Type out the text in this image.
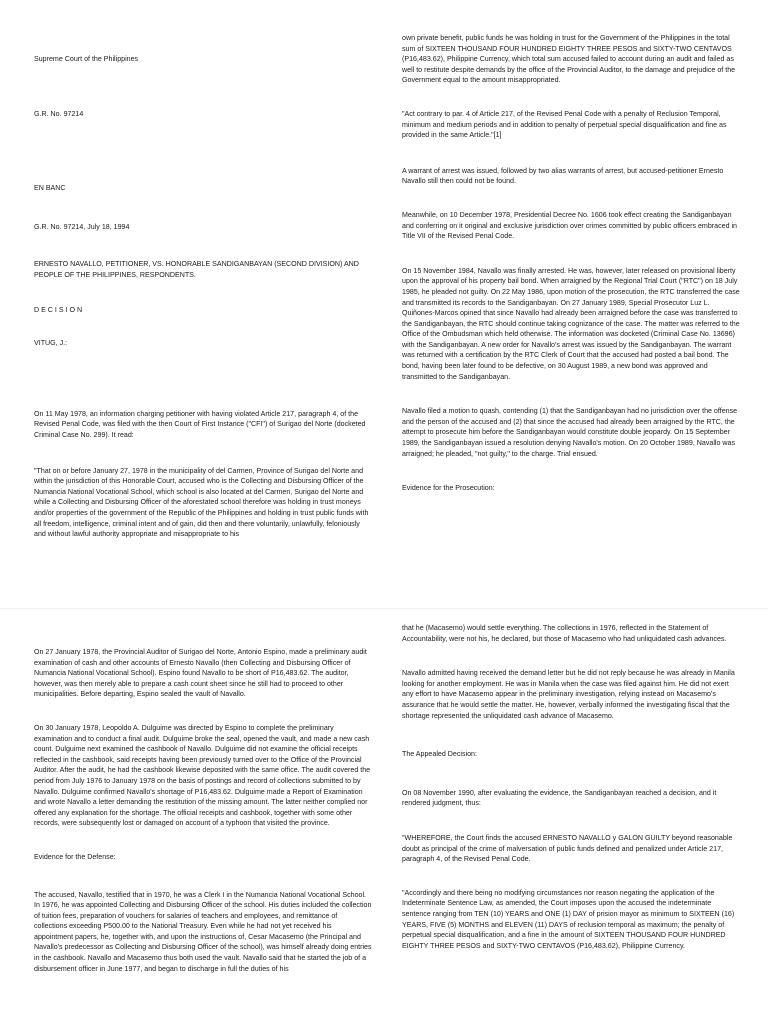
Supreme Court of the Philippines

G.R. No. 97214

EN BANC

G.R. No. 97214, July 18, 1994

ERNESTO NAVALLO, PETITIONER, VS. HONORABLE SANDIGANBAYAN (SECOND DIVISION) AND PEOPLE OF THE PHILIPPINES, RESPONDENTS.

D E C I S I O N

VITUG, J.:

On 11 May 1978, an information charging petitioner with having violated Article 217, paragraph 4, of the Revised Penal Code, was filed with the then Court of First Instance ("CFI") of Surigao del Norte (docketed Criminal Case No. 299). It read:

"That on or before January 27, 1978 in the municipality of del Carmen, Province of Surigao del Norte and within the jurisdiction of this Honorable Court, accused who is the Collecting and Disbursing Officer of the Numancia National Vocational School, which school is also located at del Carmen, Surigao del Norte and while a Collecting and Disbursing Officer of the aforestated school therefore was holding in trust moneys and/or properties of the government of the Republic of the Philippines and holding in trust public funds with all freedom, intelligence, criminal intent and of gain, did then and there voluntarily, unlawfully, feloniously and without lawful authority appropriate and misappropriate to his

own private benefit, public funds he was holding in trust for the Government of the Philippines in the total sum of SIXTEEN THOUSAND FOUR HUNDRED EIGHTY THREE PESOS and SIXTY-TWO CENTAVOS (P16,483.62), Philippine Currency, which total sum accused failed to account during an audit and failed as well to restitute despite demands by the office of the Provincial Auditor, to the damage and prejudice of the Government equal to the amount misappropriated.

"Act contrary to par. 4 of Article 217, of the Revised Penal Code with a penalty of Reclusion Temporal, minimum and medium periods and in addition to penalty of perpetual special disqualification and fine as provided in the same Article."[1]

A warrant of arrest was issued, followed by two alias warrants of arrest, but accused-petitioner Ernesto Navallo still then could not be found.

Meanwhile, on 10 December 1978, Presidential Decree No. 1606 took effect creating the Sandiganbayan and conferring on it original and exclusive jurisdiction over crimes committed by public officers embraced in Title VII of the Revised Penal Code.

On 15 November 1984, Navallo was finally arrested. He was, however, later released on provisional liberty upon the approval of his property bail bond. When arraigned by the Regional Trial Court ("RTC") on 18 July 1985, he pleaded not guilty. On 22 May 1986, upon motion of the prosecution, the RTC transferred the case and transmitted its records to the Sandiganbayan. On 27 January 1989, Special Prosecutor Luz L. Quiñones-Marcos opined that since Navallo had already been arraigned before the case was transferred to the Sandiganbayan, the RTC should continue taking cognizance of the case. The matter was referred to the Office of the Ombudsman which held otherwise. The information was docketed (Criminal Case No. 13696) with the Sandiganbayan. A new order for Navallo's arrest was issued by the Sandiganbayan. The warrant was returned with a certification by the RTC Clerk of Court that the accused had posted a bail bond. The bond, having been later found to be defective, on 30 August 1989, a new bond was approved and transmitted to the Sandiganbayan.

Navallo filed a motion to quash, contending (1) that the Sandiganbayan had no jurisdiction over the offense and the person of the accused and (2) that since the accused had already been arraigned by the RTC, the attempt to prosecute him before the Sandiganbayan would constitute double jeopardy. On 15 September 1989, the Sandiganbayan issued a resolution denying Navallo's motion. On 20 October 1989, Navallo was arraigned; he pleaded, "not guilty," to the charge. Trial ensued.

Evidence for the Prosecution:

On 27 January 1978, the Provincial Auditor of Surigao del Norte, Antonio Espino, made a preliminary audit examination of cash and other accounts of Ernesto Navallo (then Collecting and Disbursing Officer of Numancia National Vocational School). Espino found Navallo to be short of P16,483.62. The auditor, however, was then merely able to prepare a cash count sheet since he still had to proceed to other municipalities. Before departing, Espino sealed the vault of Navallo.

On 30 January 1978, Leopoldo A. Dulguime was directed by Espino to complete the preliminary examination and to conduct a final audit. Dulguime broke the seal, opened the vault, and made a new cash count. Dulguime next examined the cashbook of Navallo. Dulguime did not examine the official receipts reflected in the cashbook, said receipts having been previously turned over to the Office of the Provincial Auditor. After the audit, he had the cashbook likewise deposited with the same office. The audit covered the period from July 1976 to January 1978 on the basis of postings and record of collections submitted to by Navallo. Dulguime confirmed Navallo's shortage of P16,483.62. Dulguime made a Report of Examination and wrote Navallo a letter demanding the restitution of the missing amount. The latter neither complied nor offered any explanation for the shortage. The official receipts and cashbook, together with some other records, were subsequently lost or damaged on account of a typhoon that visited the province.

Evidence for the Defense:

The accused, Navallo, testified that in 1970, he was a Clerk I in the Numancia National Vocational School. In 1976, he was appointed Collecting and Disbursing Officer of the school. His duties included the collection of tuition fees, preparation of vouchers for salaries of teachers and employees, and remittance of collections exceeding P500.00 to the National Treasury. Even while he had not yet received his appointment papers, he, together with, and upon the instructions of, Cesar Macasemo (the Principal and Navallo's predecessor as Collecting and Disbursing Officer of the school), was himself already doing entries in the cashbook. Navallo and Macasemo thus both used the vault. Navallo said that he started the job of a disbursement officer in June 1977, and began to discharge in full the duties of his

that he (Macasemo) would settle everything. The collections in 1976, reflected in the Statement of Accountability, were not his, he declared, but those of Macasemo who had unliquidated cash advances.

Navallo admitted having received the demand letter but he did not reply because he was already in Manila looking for another employment. He was in Manila when the case was filed against him. He did not exert any effort to have Macasemo appear in the preliminary investigation, relying instead on Macasemo's assurance that he would settle the matter. He, however, verbally informed the investigating fiscal that the shortage represented the unliquidated cash advance of Macasemo.

The Appealed Decision:

On 08 November 1990, after evaluating the evidence, the Sandiganbayan reached a decision, and it rendered judgment, thus:

"WHEREFORE, the Court finds the accused ERNESTO NAVALLO y GALON GUILTY beyond reasonable doubt as principal of the crime of malversation of public funds defined and penalized under Article 217, paragraph 4, of the Revised Penal Code.

"Accordingly and there being no modifying circumstances nor reason negating the application of the Indeterminate Sentence Law, as amended, the Court imposes upon the accused the indeterminate sentence ranging from TEN (10) YEARS and ONE (1) DAY of prision mayor as minimum to SIXTEEN (16) YEARS, FIVE (5) MONTHS and ELEVEN (11) DAYS of reclusion temporal as maximum; the penalty of perpetual special disqualification, and a fine in the amount of SIXTEEN THOUSAND FOUR HUNDRED EIGHTY THREE PESOS and SIXTY-TWO CENTAVOS (P16,483.62), Philippine Currency.
